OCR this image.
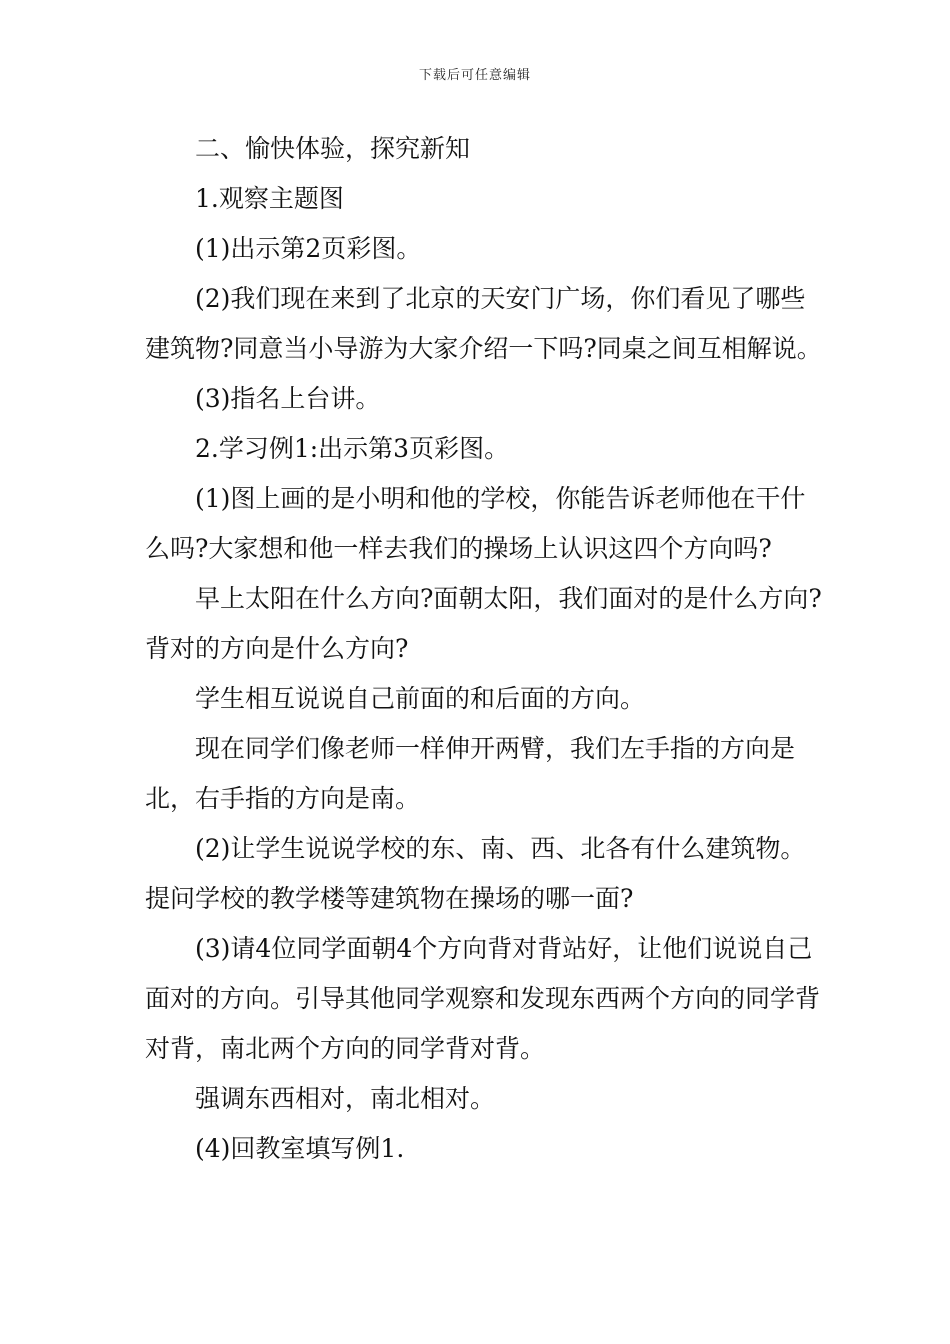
下载后可任意编辑

二、愉快体验，探究新知

1.观察主题图

(1)出示第2页彩图。

(2)我们现在来到了北京的天安门广场，你们看见了哪些建筑物?同意当小导游为大家介绍一下吗?同桌之间互相解说。

(3)指名上台讲。

2.学习例1:出示第3页彩图。

(1)图上画的是小明和他的学校，你能告诉老师他在干什么吗?大家想和他一样去我们的操场上认识这四个方向吗?

早上太阳在什么方向?面朝太阳，我们面对的是什么方向?背对的方向是什么方向?

学生相互说说自己前面的和后面的方向。

现在同学们像老师一样伸开两臂，我们左手指的方向是北，右手指的方向是南。

(2)让学生说说学校的东、南、西、北各有什么建筑物。提问学校的教学楼等建筑物在操场的哪一面?

(3)请4位同学面朝4个方向背对背站好，让他们说说自己面对的方向。引导其他同学观察和发现东西两个方向的同学背对背，南北两个方向的同学背对背。

强调东西相对，南北相对。

(4)回教室填写例1.
